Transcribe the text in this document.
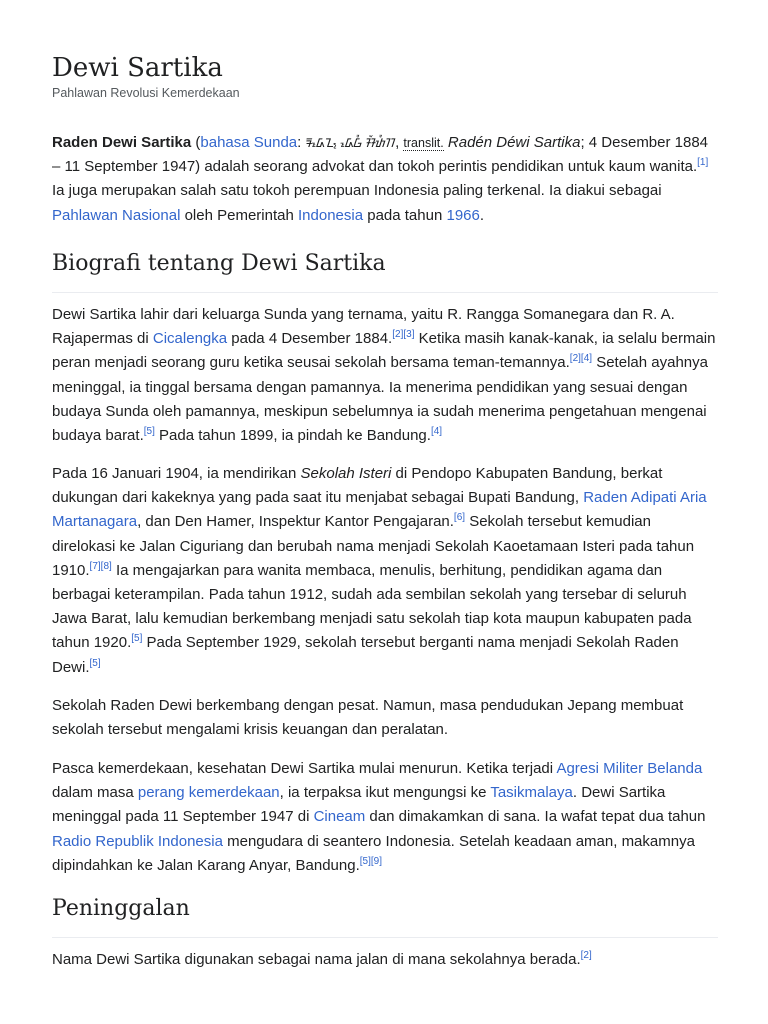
Dewi Sartika
Pahlawan Revolusi Kemerdekaan

Raden Dewi Sartika (bahasa Sunda: ᮛᮓᮦᮔ᮪ ᮓᮦᮝᮤ ᮞᮁᮒᮤᮊ, translit. Radén Déwi Sartika; 4 Desember 1884 – 11 September 1947) adalah seorang advokat dan tokoh perintis pendidikan untuk kaum wanita.[1] Ia juga merupakan salah satu tokoh perempuan Indonesia paling terkenal. Ia diakui sebagai Pahlawan Nasional oleh Pemerintah Indonesia pada tahun 1966.

Biografi tentang Dewi Sartika

Dewi Sartika lahir dari keluarga Sunda yang ternama, yaitu R. Rangga Somanegara dan R. A. Rajapermas di Cicalengka pada 4 Desember 1884.[2][3] Ketika masih kanak-kanak, ia selalu bermain peran menjadi seorang guru ketika seusai sekolah bersama teman-temannya.[2][4] Setelah ayahnya meninggal, ia tinggal bersama dengan pamannya. Ia menerima pendidikan yang sesuai dengan budaya Sunda oleh pamannya, meskipun sebelumnya ia sudah menerima pengetahuan mengenai budaya barat.[5] Pada tahun 1899, ia pindah ke Bandung.[4]

Pada 16 Januari 1904, ia mendirikan Sekolah Isteri di Pendopo Kabupaten Bandung, berkat dukungan dari kakeknya yang pada saat itu menjabat sebagai Bupati Bandung, Raden Adipati Aria Martanagara, dan Den Hamer, Inspektur Kantor Pengajaran.[6] Sekolah tersebut kemudian direlokasi ke Jalan Ciguriang dan berubah nama menjadi Sekolah Kaoetamaan Isteri pada tahun 1910.[7][8] Ia mengajarkan para wanita membaca, menulis, berhitung, pendidikan agama dan berbagai keterampilan. Pada tahun 1912, sudah ada sembilan sekolah yang tersebar di seluruh Jawa Barat, lalu kemudian berkembang menjadi satu sekolah tiap kota maupun kabupaten pada tahun 1920.[5] Pada September 1929, sekolah tersebut berganti nama menjadi Sekolah Raden Dewi.[5]

Sekolah Raden Dewi berkembang dengan pesat. Namun, masa pendudukan Jepang membuat sekolah tersebut mengalami krisis keuangan dan peralatan.

Pasca kemerdekaan, kesehatan Dewi Sartika mulai menurun. Ketika terjadi Agresi Militer Belanda dalam masa perang kemerdekaan, ia terpaksa ikut mengungsi ke Tasikmalaya. Dewi Sartika meninggal pada 11 September 1947 di Cineam dan dimakamkan di sana. Ia wafat tepat dua tahun Radio Republik Indonesia mengudara di seantero Indonesia. Setelah keadaan aman, makamnya dipindahkan ke Jalan Karang Anyar, Bandung.[5][9]

Peninggalan

Nama Dewi Sartika digunakan sebagai nama jalan di mana sekolahnya berada.[2]
